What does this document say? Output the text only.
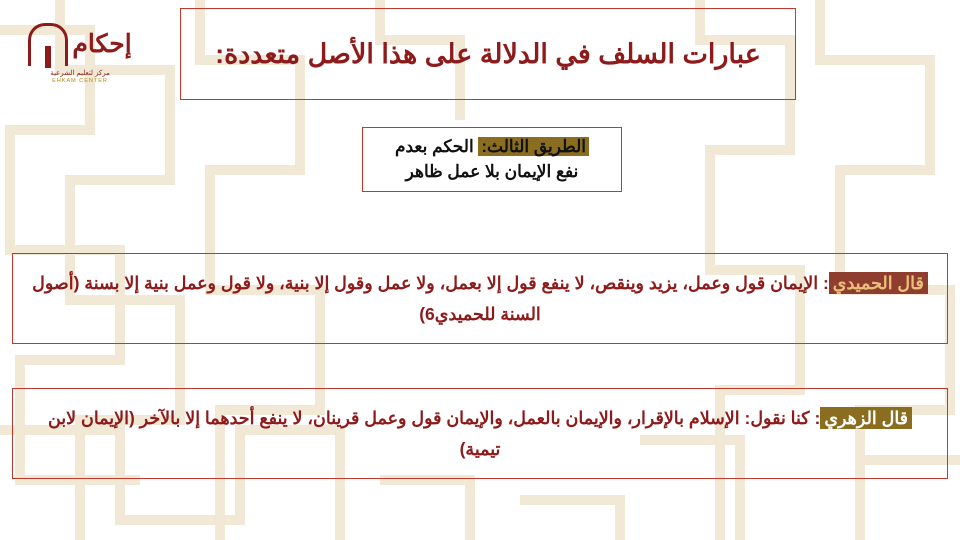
إحكام
مركز لتعليم الشرعية
EHKAM CENTER
عبارات السلف في الدلالة على هذا الأصل متعددة:
الطريق الثالث: الحكم بعدم
نفع الإيمان بلا عمل ظاهر
قال الحميدي: الإيمان قول وعمل، يزيد وينقص، لا ينفع قول إلا بعمل، ولا عمل وقول إلا بنية، ولا قول وعمل بنية إلا بسنة (أصول السنة للحميدي6)
قال الزهري: كنا نقول: الإسلام بالإقرار، والإيمان بالعمل، والإيمان قول وعمل قرينان، لا ينفع أحدهما إلا بالآخر (الإيمان لابن تيمية)
